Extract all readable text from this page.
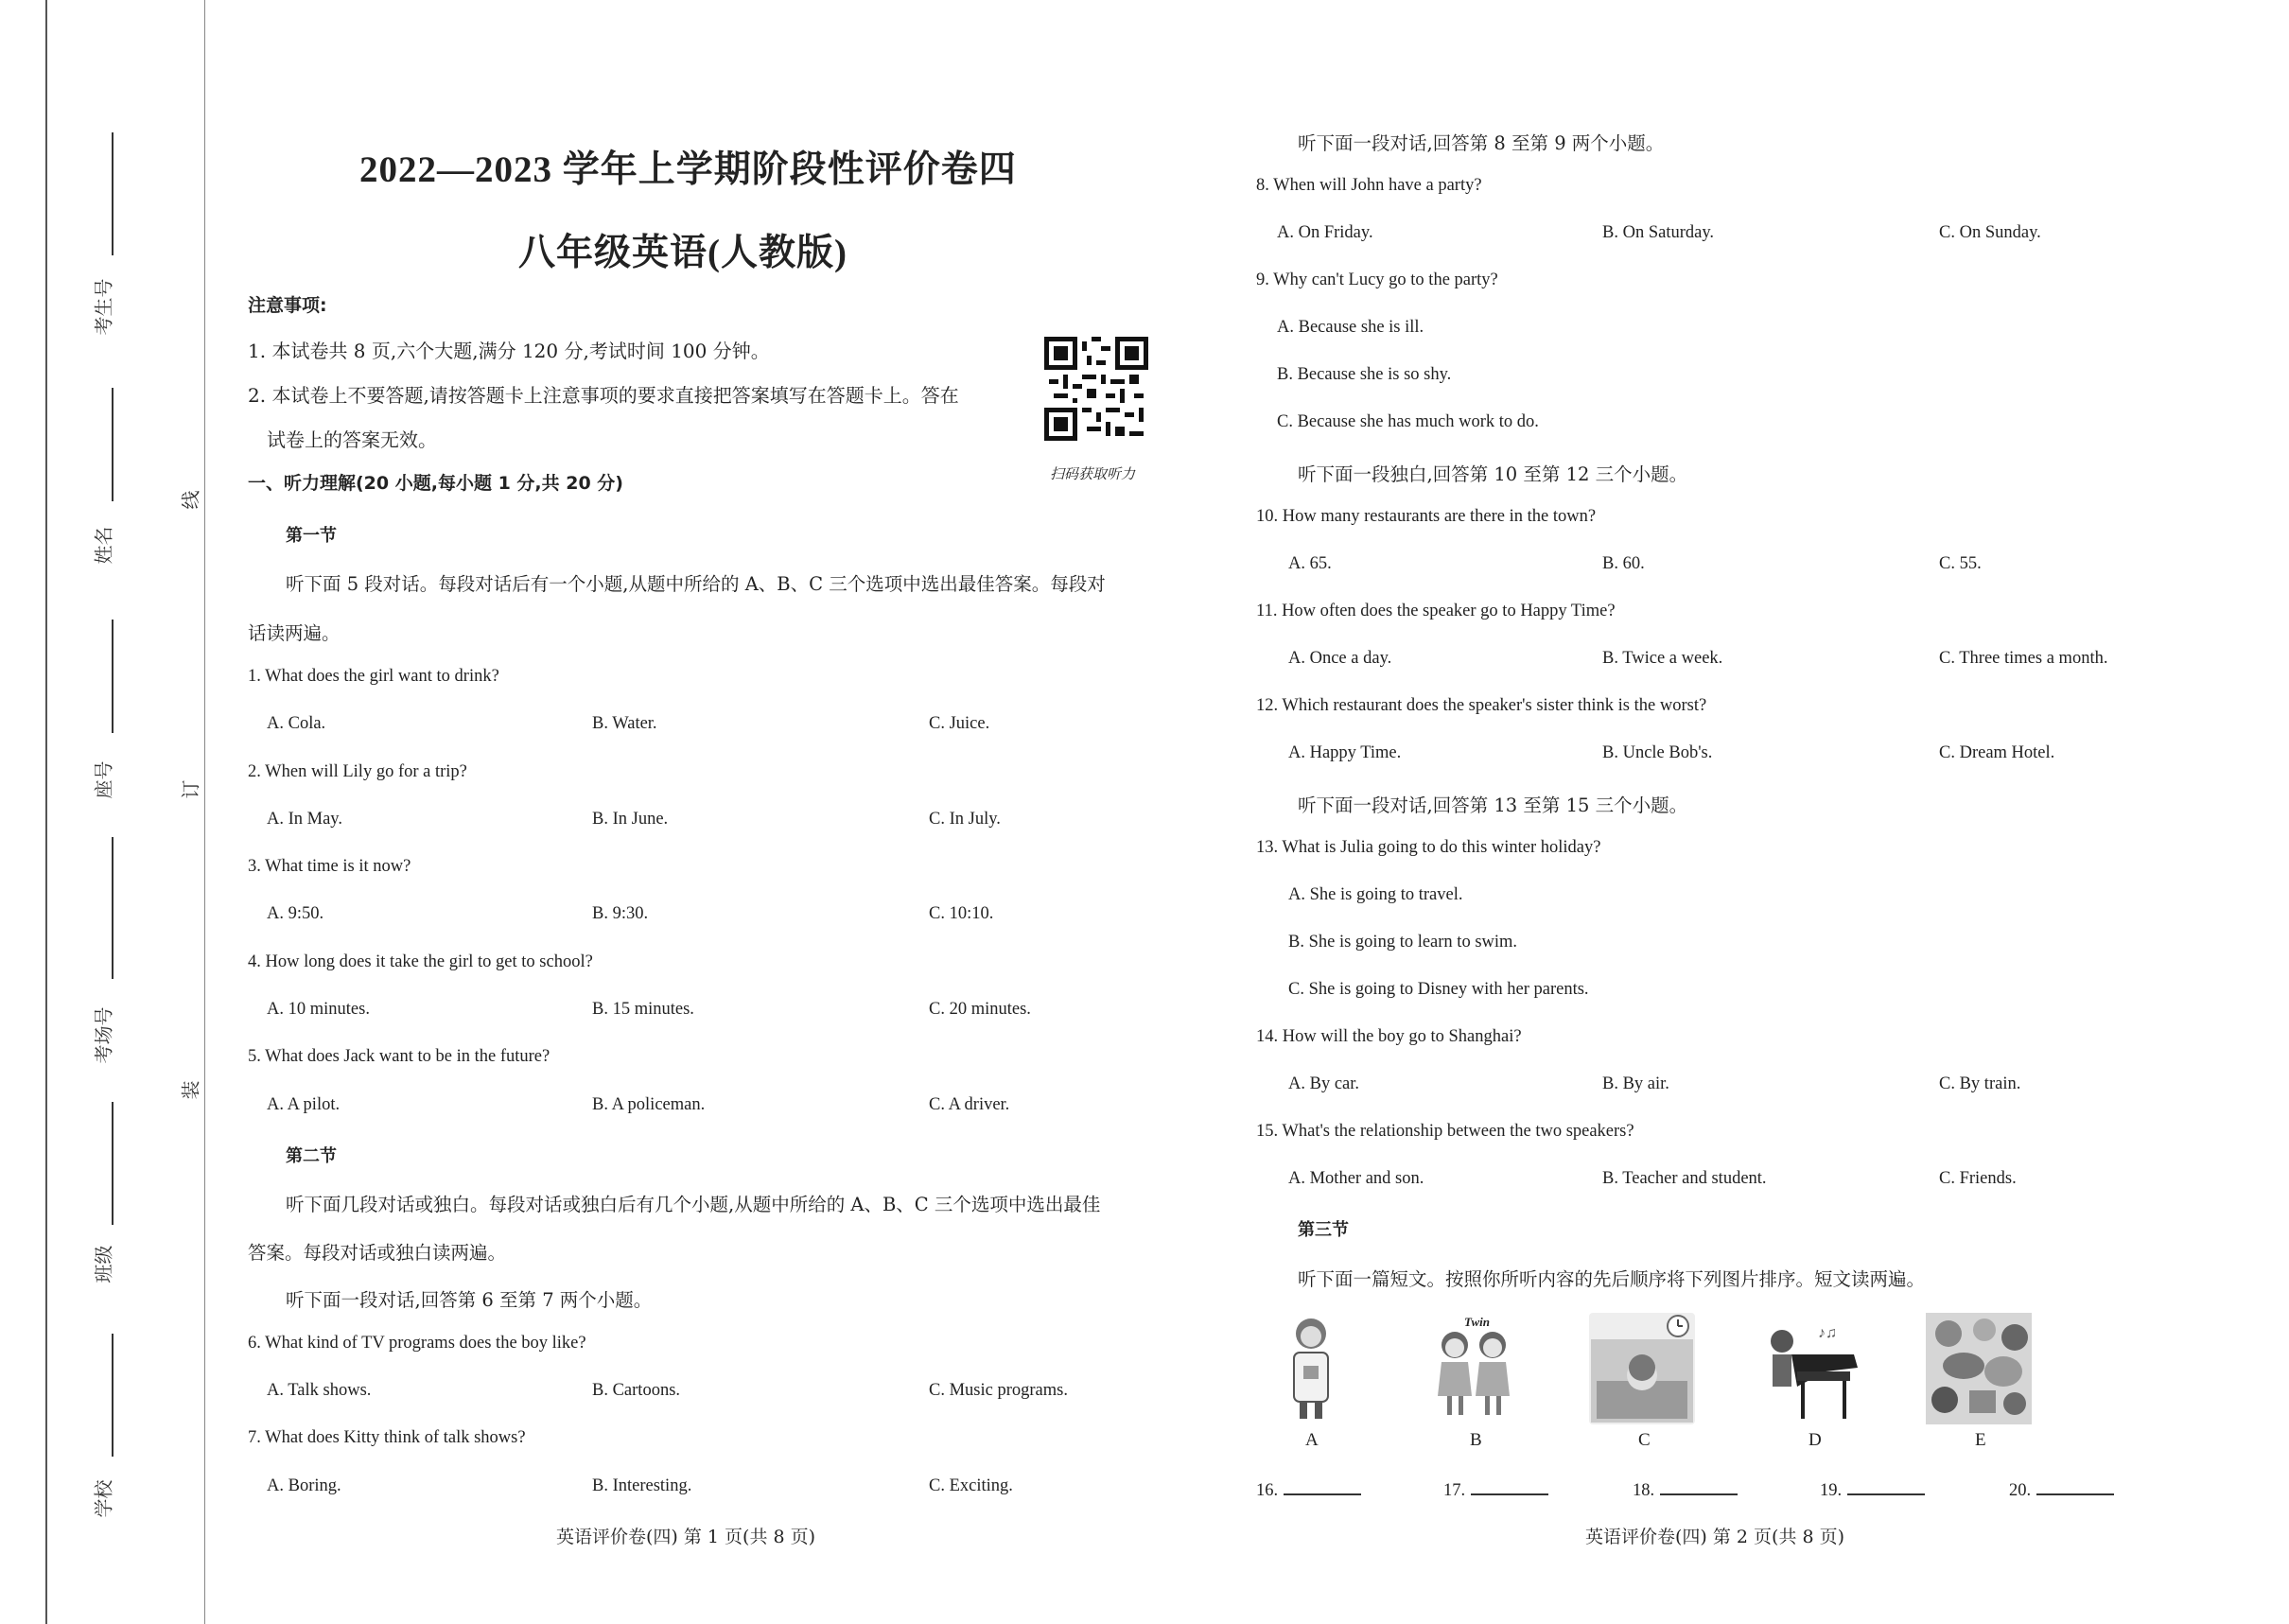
考生号
姓名
座号
考场号
班级
学校
线
订
装
2022—2023 学年上学期阶段性评价卷四
八年级英语(人教版)
注意事项:
1. 本试卷共 8 页,六个大题,满分 120 分,考试时间 100 分钟。
2. 本试卷上不要答题,请按答题卡上注意事项的要求直接把答案填写在答题卡上。答在
试卷上的答案无效。
扫码获取听力
一、听力理解(20 小题,每小题 1 分,共 20 分)
第一节
听下面 5 段对话。每段对话后有一个小题,从题中所给的 A、B、C 三个选项中选出最佳答案。每段对
话读两遍。
1. What does the girl want to drink?
A. Cola.	B. Water.	C. Juice.
2. When will Lily go for a trip?
A. In May.	B. In June.	C. In July.
3. What time is it now?
A. 9:50.	B. 9:30.	C. 10:10.
4. How long does it take the girl to get to school?
A. 10 minutes.	B. 15 minutes.	C. 20 minutes.
5. What does Jack want to be in the future?
A. A pilot.	B. A policeman.	C. A driver.
第二节
听下面几段对话或独白。每段对话或独白后有几个小题,从题中所给的 A、B、C 三个选项中选出最佳
答案。每段对话或独白读两遍。
听下面一段对话,回答第 6 至第 7 两个小题。
6. What kind of TV programs does the boy like?
A. Talk shows.	B. Cartoons.	C. Music programs.
7. What does Kitty think of talk shows?
A. Boring.	B. Interesting.	C. Exciting.
英语评价卷(四) 第 1 页(共 8 页)
听下面一段对话,回答第 8 至第 9 两个小题。
8. When will John have a party?
A. On Friday.	B. On Saturday.	C. On Sunday.
9. Why can't Lucy go to the party?
A. Because she is ill.
B. Because she is so shy.
C. Because she has much work to do.
听下面一段独白,回答第 10 至第 12 三个小题。
10. How many restaurants are there in the town?
A. 65.	B. 60.	C. 55.
11. How often does the speaker go to Happy Time?
A. Once a day.	B. Twice a week.	C. Three times a month.
12. Which restaurant does the speaker's sister think is the worst?
A. Happy Time.	B. Uncle Bob's.	C. Dream Hotel.
听下面一段对话,回答第 13 至第 15 三个小题。
13. What is Julia going to do this winter holiday?
A. She is going to travel.
B. She is going to learn to swim.
C. She is going to Disney with her parents.
14. How will the boy go to Shanghai?
A. By car.	B. By air.	C. By train.
15. What's the relationship between the two speakers?
A. Mother and son.	B. Teacher and student.	C. Friends.
第三节
听下面一篇短文。按照你所听内容的先后顺序将下列图片排序。短文读两遍。
Twin
♪♫
A	B	C	D	E
16.	17.	18.	19.	20.
英语评价卷(四) 第 2 页(共 8 页)
